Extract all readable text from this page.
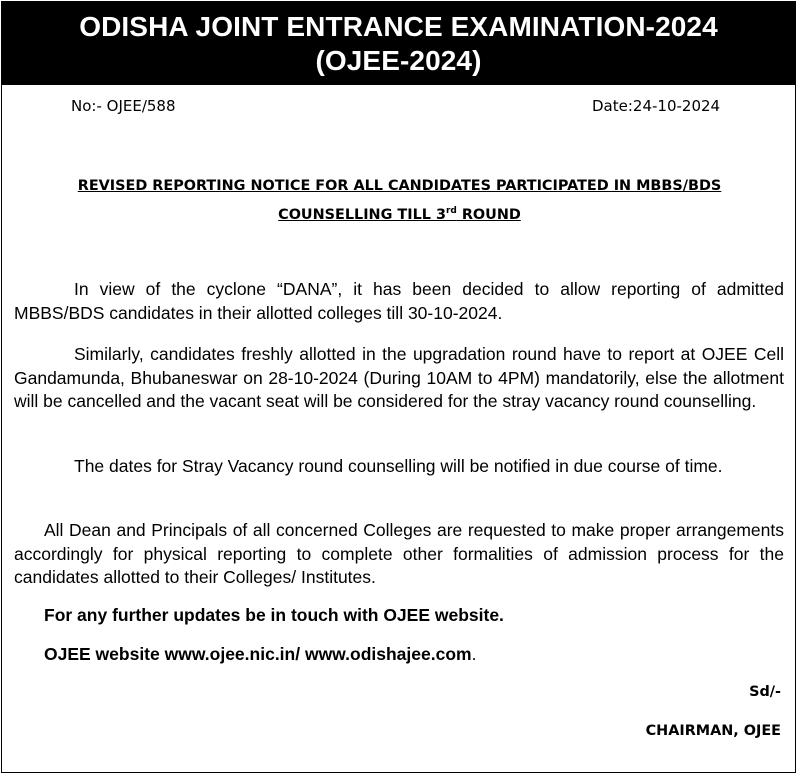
ODISHA JOINT ENTRANCE EXAMINATION-2024
(OJEE-2024)
No:- OJEE/588	Date:24-10-2024
REVISED REPORTING NOTICE FOR ALL CANDIDATES PARTICIPATED IN MBBS/BDS
COUNSELLING TILL 3rd ROUND
In view of the cyclone “DANA”, it has been decided to allow reporting of admitted MBBS/BDS candidates in their allotted colleges till 30-10-2024.
Similarly, candidates freshly allotted in the upgradation round have to report at OJEE Cell Gandamunda, Bhubaneswar on 28-10-2024 (During 10AM to 4PM) mandatorily, else the allotment will be cancelled and the vacant seat will be considered for the stray vacancy round counselling.
The dates for Stray Vacancy round counselling will be notified in due course of time.
All Dean and Principals of all concerned Colleges are requested to make proper arrangements accordingly for physical reporting to complete other formalities of admission process for the candidates allotted to their Colleges/ Institutes.
For any further updates be in touch with OJEE website.
OJEE website www.ojee.nic.in/ www.odishajee.com.
Sd/-
CHAIRMAN, OJEE
